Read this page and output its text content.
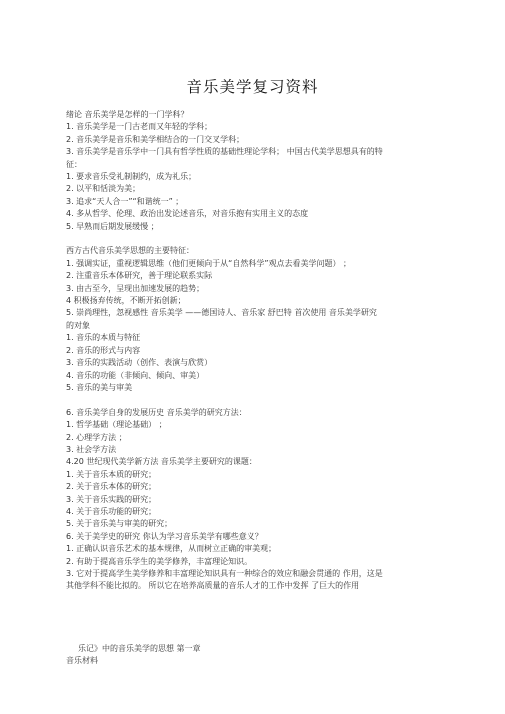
音乐美学复习资料
绪论 音乐美学是怎样的一门学科？
1. 音乐美学是一门古老而又年轻的学科；
2. 音乐美学是音乐和美学相结合的一门交叉学科；
3. 音乐美学是音乐学中一门具有哲学性质的基础性理论学科； 中国古代美学思想具有的特
征：
1. 要求音乐受礼制制约，成为礼乐；
2. 以平和恬淡为美；
3. 追求“天人合一”“和谐统一” ；
4. 多从哲学、伦理、政治出发论述音乐，对音乐抱有实用主义的态度
5. 早熟而后期发展缓慢 ；
西方古代音乐美学思想的主要特征：
1. 强调实证，重视逻辑思维（他们更倾向于从“自然科学”观点去看美学问题） ；
2. 注重音乐本体研究，善于理论联系实际
3. 由古至今，呈现出加速发展的趋势；
4 积极扬弃传统，不断开拓创新；
5. 崇尚理性，忽视感性 音乐美学 ——德国诗人、音乐家 舒巴特 首次使用 音乐美学研究
的对象
1. 音乐的本质与特征
2. 音乐的形式与内容
3. 音乐的实践活动（创作、表演与欣赏）
4. 音乐的功能（非倾向、倾向、审美）
5. 音乐的美与审美
6. 音乐美学自身的发展历史 音乐美学的研究方法：
1. 哲学基础（理论基础） ；
2. 心理学方法 ；
3. 社会学方法
4.20 世纪现代美学新方法 音乐美学主要研究的课题：
1. 关于音乐本质的研究；
2. 关于音乐本体的研究；
3. 关于音乐实践的研究；
4. 关于音乐功能的研究；
5. 关于音乐美与审美的研究；
6. 关于美学史的研究 你认为学习音乐美学有哪些意义？
1. 正确认识音乐艺术的基本规律，从而树立正确的审美观；
2. 有助于提高音乐学生的美学修养，丰富理论知识。
3. 它对于提高学生美学修养和丰富理论知识具有一种综合的效应和融会贯通的 作用，这是
其他学科不能比拟的。 所以它在培养高质量的音乐人才的工作中发挥 了巨大的作用
乐记》中的音乐美学的思想 第一章
音乐材料
